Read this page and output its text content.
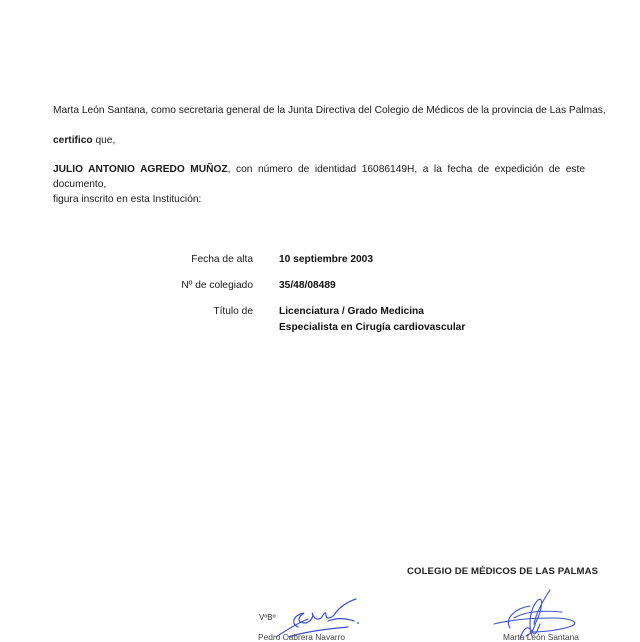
Marta León Santana, como secretaria general de la Junta Directiva del Colegio de Médicos de la provincia de Las Palmas,
certifico que,
JULIO ANTONIO AGREDO MUÑOZ, con número de identidad 16086149H, a la fecha de expedición de este documento,
figura inscrito en esta Institución:
Fecha de alta	10 septiembre 2003
Nº de colegiado	35/48/08489
Título de	Licenciatura / Grado Medicina
Especialista en Cirugía cardiovascular
COLEGIO DE MÉDICOS DE LAS PALMAS
VºBº
Pedro Cabrera Navarro	Marta León Santana
